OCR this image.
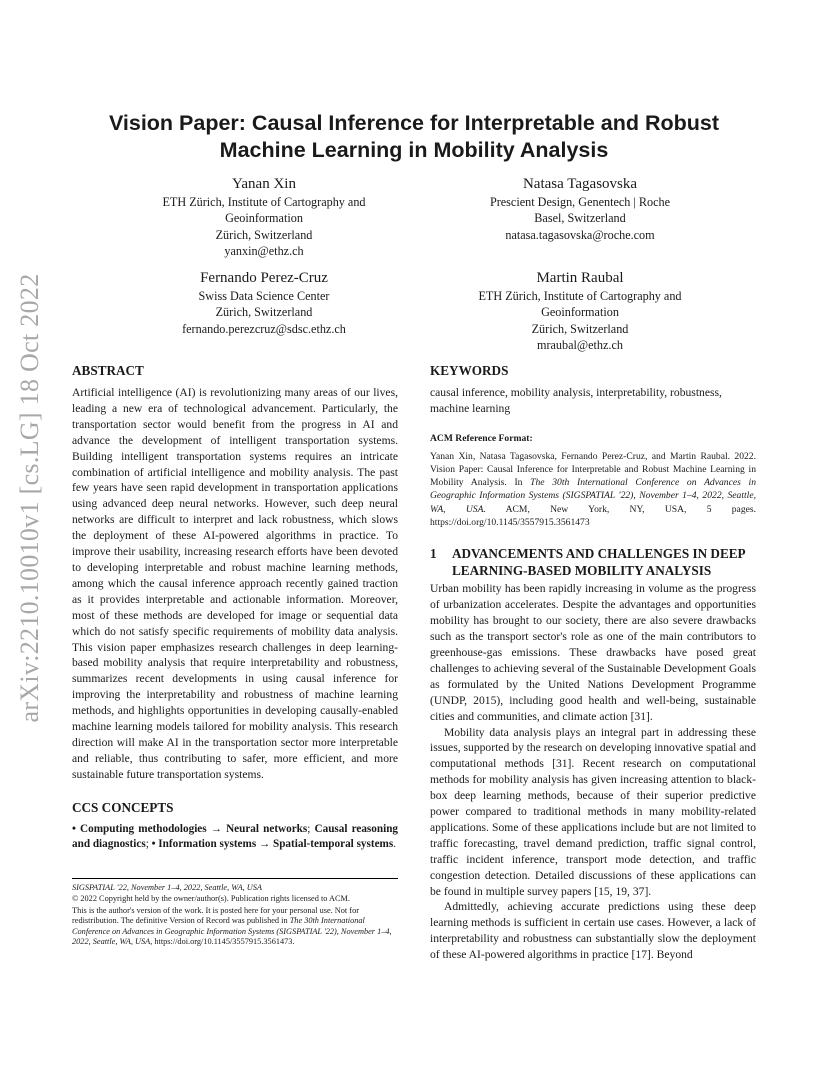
arXiv:2210.10010v1 [cs.LG] 18 Oct 2022
Vision Paper: Causal Inference for Interpretable and Robust
Machine Learning in Mobility Analysis
Yanan Xin
ETH Zürich, Institute of Cartography and
Geoinformation
Zürich, Switzerland
yanxin@ethz.ch
Natasa Tagasovska
Prescient Design, Genentech | Roche
Basel, Switzerland
natasa.tagasovska@roche.com
Fernando Perez-Cruz
Swiss Data Science Center
Zürich, Switzerland
fernando.perezcruz@sdsc.ethz.ch
Martin Raubal
ETH Zürich, Institute of Cartography and
Geoinformation
Zürich, Switzerland
mraubal@ethz.ch
ABSTRACT

Artificial intelligence (AI) is revolutionizing many areas of our lives, leading a new era of technological advancement. Particularly, the transportation sector would benefit from the progress in AI and advance the development of intelligent transportation systems. Building intelligent transportation systems requires an intricate combination of artificial intelligence and mobility analysis. The past few years have seen rapid development in transportation applications using advanced deep neural networks. However, such deep neural networks are difficult to interpret and lack robustness, which slows the deployment of these AI-powered algorithms in practice. To improve their usability, increasing research efforts have been devoted to developing interpretable and robust machine learning methods, among which the causal inference approach recently gained traction as it provides interpretable and actionable information. Moreover, most of these methods are developed for image or sequential data which do not satisfy specific requirements of mobility data analysis. This vision paper emphasizes research challenges in deep learning-based mobility analysis that require interpretability and robustness, summarizes recent developments in using causal inference for improving the interpretability and robustness of machine learning methods, and highlights opportunities in developing causally-enabled machine learning models tailored for mobility analysis. This research direction will make AI in the transportation sector more interpretable and reliable, thus contributing to safer, more efficient, and more sustainable future transportation systems.

CCS CONCEPTS

• Computing methodologies → Neural networks; Causal reasoning and diagnostics; • Information systems → Spatial-temporal systems.

SIGSPATIAL '22, November 1–4, 2022, Seattle, WA, USA

© 2022 Copyright held by the owner/author(s). Publication rights licensed to ACM.

This is the author's version of the work. It is posted here for your personal use. Not for redistribution. The definitive Version of Record was published in The 30th International Conference on Advances in Geographic Information Systems (SIGSPATIAL '22), November 1–4, 2022, Seattle, WA, USA, https://doi.org/10.1145/3557915.3561473.

KEYWORDS

causal inference, mobility analysis, interpretability, robustness, machine learning

ACM Reference Format:

Yanan Xin, Natasa Tagasovska, Fernando Perez-Cruz, and Martin Raubal. 2022. Vision Paper: Causal Inference for Interpretable and Robust Machine Learning in Mobility Analysis. In The 30th International Conference on Advances in Geographic Information Systems (SIGSPATIAL '22), November 1–4, 2022, Seattle, WA, USA. ACM, New York, NY, USA, 5 pages. https://doi.org/10.1145/3557915.3561473

1	ADVANCEMENTS AND CHALLENGES IN DEEP LEARNING-BASED MOBILITY ANALYSIS

Urban mobility has been rapidly increasing in volume as the progress of urbanization accelerates. Despite the advantages and opportunities mobility has brought to our society, there are also severe drawbacks such as the transport sector's role as one of the main contributors to greenhouse-gas emissions. These drawbacks have posed great challenges to achieving several of the Sustainable Development Goals as formulated by the United Nations Development Programme (UNDP, 2015), including good health and well-being, sustainable cities and communities, and climate action [31].

Mobility data analysis plays an integral part in addressing these issues, supported by the research on developing innovative spatial and computational methods [31]. Recent research on computational methods for mobility analysis has given increasing attention to black-box deep learning methods, because of their superior predictive power compared to traditional methods in many mobility-related applications. Some of these applications include but are not limited to traffic forecasting, travel demand prediction, traffic signal control, traffic incident inference, transport mode detection, and traffic congestion detection. Detailed discussions of these applications can be found in multiple survey papers [15, 19, 37].

Admittedly, achieving accurate predictions using these deep learning methods is sufficient in certain use cases. However, a lack of interpretability and robustness can substantially slow the deployment of these AI-powered algorithms in practice [17]. Beyond
